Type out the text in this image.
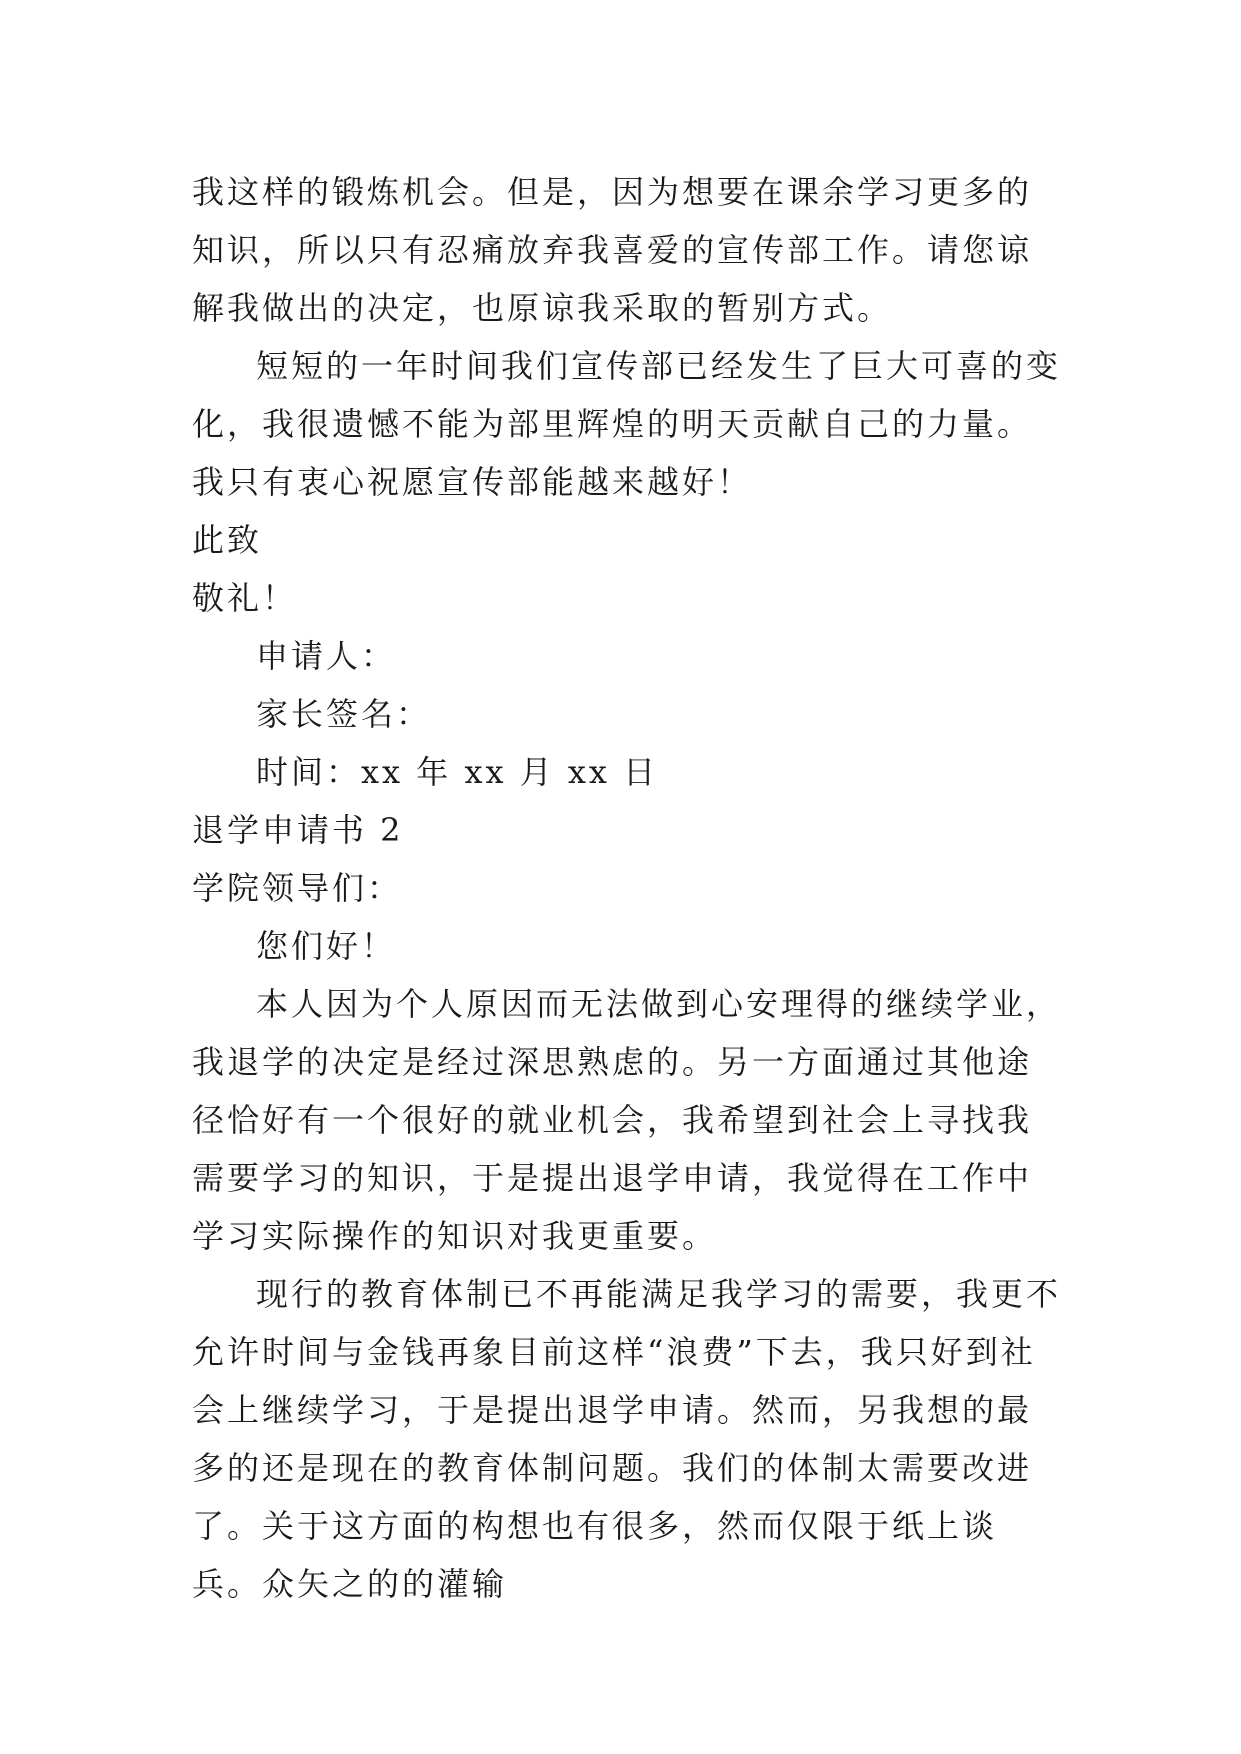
我这样的锻炼机会。但是，因为想要在课余学习更多的知识，所以只有忍痛放弃我喜爱的宣传部工作。请您谅解我做出的决定，也原谅我采取的暂别方式。

短短的一年时间我们宣传部已经发生了巨大可喜的变化，我很遗憾不能为部里辉煌的明天贡献自己的力量。我只有衷心祝愿宣传部能越来越好！

此致

敬礼！

申请人：

家长签名：

时间：xx 年 xx 月 xx 日

退学申请书 2

学院领导们：

您们好！

本人因为个人原因而无法做到心安理得的继续学业，我退学的决定是经过深思熟虑的。另一方面通过其他途径恰好有一个很好的就业机会，我希望到社会上寻找我需要学习的知识，于是提出退学申请，我觉得在工作中学习实际操作的知识对我更重要。

现行的教育体制已不再能满足我学习的需要，我更不允许时间与金钱再象目前这样“浪费”下去，我只好到社会上继续学习，于是提出退学申请。然而，另我想的最多的还是现在的教育体制问题。我们的体制太需要改进了。关于这方面的构想也有很多，然而仅限于纸上谈兵。众矢之的的灌输
